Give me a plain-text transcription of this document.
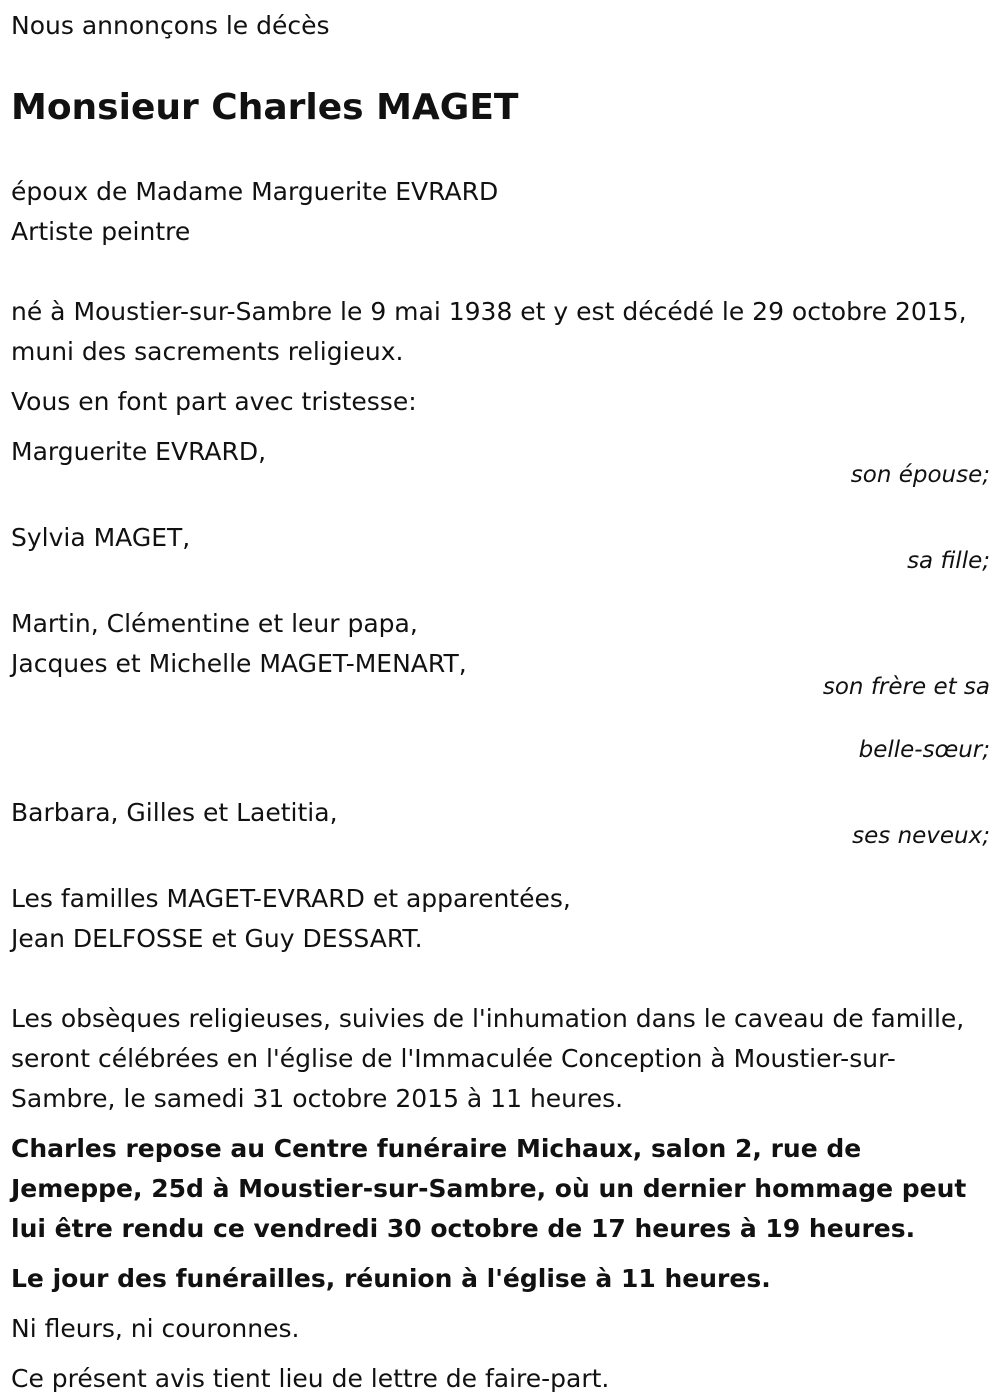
Nous annonçons le décès

Monsieur Charles MAGET

époux de Madame Marguerite EVRARD

Artiste peintre

né à Moustier-sur-Sambre le 9 mai 1938 et y est décédé le 29 octobre 2015, muni des sacrements religieux.

Vous en font part avec tristesse:

Marguerite EVRARD,

son épouse;

Sylvia MAGET,

sa fille;

Martin, Clémentine et leur papa,

Jacques et Michelle MAGET-MENART,

son frère et sa

belle-sœur;

Barbara, Gilles et Laetitia,

ses neveux;

Les familles MAGET-EVRARD et apparentées,

Jean DELFOSSE et Guy DESSART.

Les obsèques religieuses, suivies de l'inhumation dans le caveau de famille, seront célébrées en l'église de l'Immaculée Conception à Moustier-sur-Sambre, le samedi 31 octobre 2015 à 11 heures.

Charles repose au Centre funéraire Michaux, salon 2, rue de Jemeppe, 25d à Moustier-sur-Sambre, où un dernier hommage peut lui être rendu ce vendredi 30 octobre de 17 heures à 19 heures.

Le jour des funérailles, réunion à l'église à 11 heures.

Ni fleurs, ni couronnes.

Ce présent avis tient lieu de lettre de faire-part.
